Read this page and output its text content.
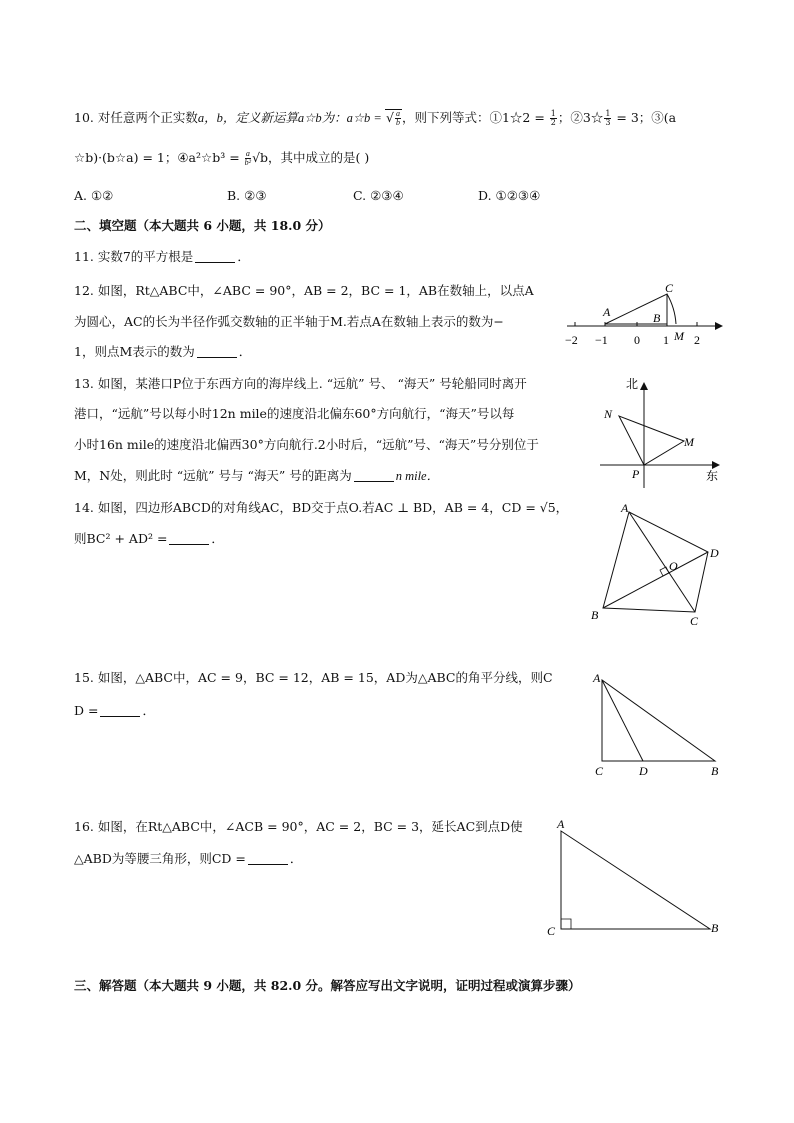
10. 对任意两个正实数a，b，定义新运算a☆b为：a☆b = √ $\frac{a}{b}$ ，则下列等式：①1☆2 = $\frac{1}{2}$ ；②3☆ $\frac{1}{3} = 3$；③(a
☆b)·(b☆a) = 1；④a²☆b³ = $\frac{a}{\text{b²}} √b$，其中成立的是( )
A. ①②	B. ②③	C. ②③④	D. ①②③④
二、填空题（本大题共 6 小题，共 18.0 分）
11. 实数7的平方根是	．
12. 如图，Rt△ABC中，∠ABC = 90°，AB = 2，BC = 1，AB在数轴上，以点A
为圆心，AC的长为半径作弧交数轴的正半轴于M.若点A在数轴上表示的数为−
1，则点M表示的数为	．
A	B
C
M
−2 −1 0 1 2
13. 如图，某港口P位于东西方向的海岸线上. “远航” 号、 “海天” 号轮船同时离开
港口，“远航”号以每小时12n mile的速度沿北偏东60°方向航行，“海天”号以每
小时16n mile的速度沿北偏西30°方向航行.2小时后，“远航”号、“海天”号分别位于
M，N处，则此时 “远航” 号与 “海天” 号的距离为	n mile．
北
东
N
M
P
14. 如图，四边形ABCD的对角线AC，BD交于点O.若AC ⊥ BD，AB = 4，CD = √5，
则BC² + AD² =	．
A
D
C
B
O
15. 如图，△ABC中，AC = 9，BC = 12，AB = 15，AD为△ABC的角平分线，则C
D =	．
A
C	D	B
16. 如图，在Rt△ABC中，∠ACB = 90°，AC = 2，BC = 3，延长AC到点D使
△ABD为等腰三角形，则CD =	．
A
C	B
三、解答题（本大题共 9 小题，共 82.0 分。解答应写出文字说明，证明过程或演算步骤）
